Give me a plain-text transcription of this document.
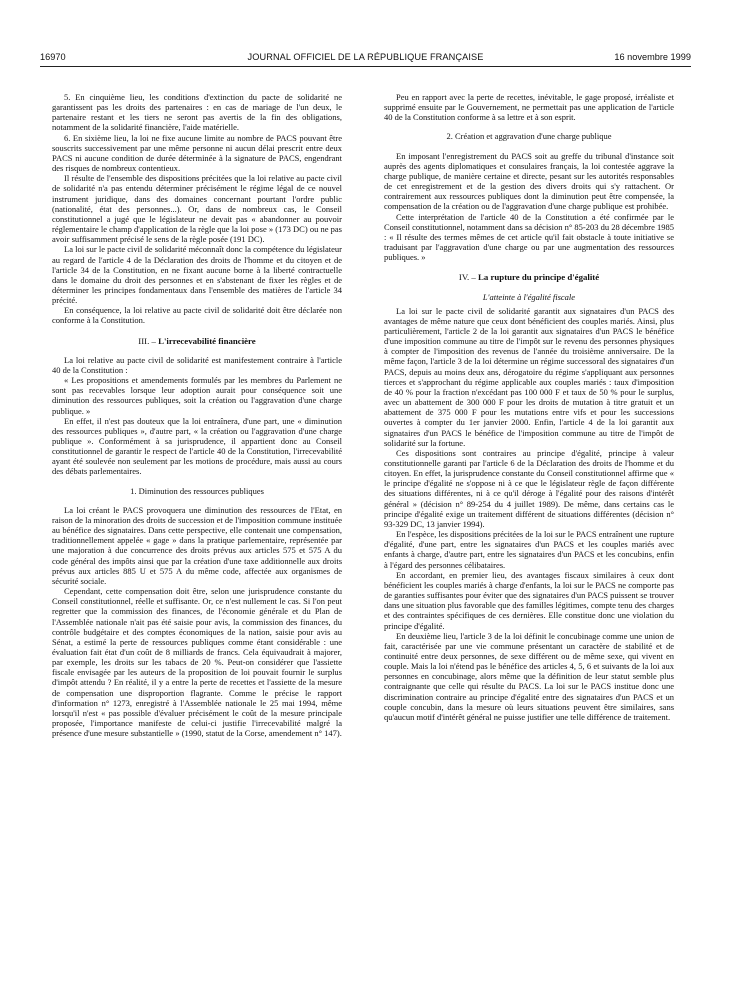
16970	JOURNAL OFFICIEL DE LA RÉPUBLIQUE FRANÇAISE	16 novembre 1999

5. En cinquième lieu, les conditions d'extinction du pacte de solidarité ne garantissent pas les droits des partenaires : en cas de mariage de l'un deux, le partenaire restant et les tiers ne seront pas avertis de la fin des obligations, notamment de la solidarité financière, l'aide matérielle.

6. En sixième lieu, la loi ne fixe aucune limite au nombre de PACS pouvant être souscrits successivement par une même personne ni aucun délai prescrit entre deux PACS ni aucune condition de durée déterminée à la signature de PACS, engendrant des risques de nombreux contentieux.

Il résulte de l'ensemble des dispositions précitées que la loi relative au pacte civil de solidarité n'a pas entendu déterminer précisément le régime légal de ce nouvel instrument juridique, dans des domaines concernant pourtant l'ordre public (nationalité, état des personnes...). Or, dans de nombreux cas, le Conseil constitutionnel a jugé que le législateur ne devait pas « abandonner au pouvoir réglementaire le champ d'application de la règle que la loi pose » (173 DC) ou ne pas avoir suffisamment précisé le sens de la règle posée (191 DC).

La loi sur le pacte civil de solidarité méconnaît donc la compétence du législateur au regard de l'article 4 de la Déclaration des droits de l'homme et du citoyen et de l'article 34 de la Constitution, en ne fixant aucune borne à la liberté contractuelle dans le domaine du droit des personnes et en s'abstenant de fixer les règles et de déterminer les principes fondamentaux dans l'ensemble des matières de l'article 34 précité.

En conséquence, la loi relative au pacte civil de solidarité doit être déclarée non conforme à la Constitution.

III. – L'irrecevabilité financière

La loi relative au pacte civil de solidarité est manifestement contraire à l'article 40 de la Constitution :

« Les propositions et amendements formulés par les membres du Parlement ne sont pas recevables lorsque leur adoption aurait pour conséquence soit une diminution des ressources publiques, soit la création ou l'aggravation d'une charge publique. »

En effet, il n'est pas douteux que la loi entraînera, d'une part, une « diminution des ressources publiques », d'autre part, « la création ou l'aggravation d'une charge publique ». Conformément à sa jurisprudence, il appartient donc au Conseil constitutionnel de garantir le respect de l'article 40 de la Constitution, l'irrecevabilité ayant été soulevée non seulement par les motions de procédure, mais aussi au cours des débats parlementaires.

1. Diminution des ressources publiques

La loi créant le PACS provoquera une diminution des ressources de l'Etat, en raison de la minoration des droits de succession et de l'imposition commune instituée au bénéfice des signataires. Dans cette perspective, elle contenait une compensation, traditionnellement appelée « gage » dans la pratique parlementaire, représentée par une majoration à due concurrence des droits prévus aux articles 575 et 575 A du code général des impôts ainsi que par la création d'une taxe additionnelle aux droits prévus aux articles 885 U et 575 A du même code, affectée aux organismes de sécurité sociale.

Cependant, cette compensation doit être, selon une jurisprudence constante du Conseil constitutionnel, réelle et suffisante. Or, ce n'est nullement le cas. Si l'on peut regretter que la commission des finances, de l'économie générale et du Plan de l'Assemblée nationale n'ait pas été saisie pour avis, la commission des finances, du contrôle budgétaire et des comptes économiques de la nation, saisie pour avis au Sénat, a estimé la perte de ressources publiques comme étant considérable : une évaluation fait état d'un coût de 8 milliards de francs. Cela équivaudrait à majorer, par exemple, les droits sur les tabacs de 20 %. Peut-on considérer que l'assiette fiscale envisagée par les auteurs de la proposition de loi pouvait fournir le surplus d'impôt attendu ? En réalité, il y a entre la perte de recettes et l'assiette de la mesure de compensation une disproportion flagrante. Comme le précise le rapport d'information n° 1273, enregistré à l'Assemblée nationale le 25 mai 1994, même lorsqu'il n'est « pas possible d'évaluer précisément le coût de la mesure principale proposée, l'importance manifeste de celui-ci justifie l'irrecevabilité malgré la présence d'une mesure substantielle » (1990, statut de la Corse, amendement n° 147).

Peu en rapport avec la perte de recettes, inévitable, le gage proposé, irréaliste et supprimé ensuite par le Gouvernement, ne permettait pas une application de l'article 40 de la Constitution conforme à sa lettre et à son esprit.

2. Création et aggravation d'une charge publique

En imposant l'enregistrement du PACS soit au greffe du tribunal d'instance soit auprès des agents diplomatiques et consulaires français, la loi contestée aggrave la charge publique, de manière certaine et directe, pesant sur les autorités responsables de cet enregistrement et de la gestion des divers droits qui s'y rattachent. Or contrairement aux ressources publiques dont la diminution peut être compensée, la compensation de la création ou de l'aggravation d'une charge publique est prohibée.

Cette interprétation de l'article 40 de la Constitution a été confirmée par le Conseil constitutionnel, notamment dans sa décision n° 85-203 du 28 décembre 1985 : « Il résulte des termes mêmes de cet article qu'il fait obstacle à toute initiative se traduisant par l'aggravation d'une charge ou par une augmentation des ressources publiques. »

IV. – La rupture du principe d'égalité
L'atteinte à l'égalité fiscale

La loi sur le pacte civil de solidarité garantit aux signataires d'un PACS des avantages de même nature que ceux dont bénéficient des couples mariés. Ainsi, plus particulièrement, l'article 2 de la loi garantit aux signataires d'un PACS le bénéfice d'une imposition commune au titre de l'impôt sur le revenu des personnes physiques à compter de l'imposition des revenus de l'année du troisième anniversaire. De la même façon, l'article 3 de la loi détermine un régime successoral des signataires d'un PACS, depuis au moins deux ans, dérogatoire du régime s'appliquant aux personnes tierces et s'approchant du régime applicable aux couples mariés : taux d'imposition de 40 % pour la fraction n'excédant pas 100 000 F et taux de 50 % pour le surplus, avec un abattement de 300 000 F pour les droits de mutation à titre gratuit et un abattement de 375 000 F pour les mutations entre vifs et pour les successions ouvertes à compter du 1er janvier 2000. Enfin, l'article 4 de la loi garantit aux signataires d'un PACS le bénéfice de l'imposition commune au titre de l'impôt de solidarité sur la fortune.

Ces dispositions sont contraires au principe d'égalité, principe à valeur constitutionnelle garanti par l'article 6 de la Déclaration des droits de l'homme et du citoyen. En effet, la jurisprudence constante du Conseil constitutionnel affirme que « le principe d'égalité ne s'oppose ni à ce que le législateur règle de façon différente des situations différentes, ni à ce qu'il déroge à l'égalité pour des raisons d'intérêt général » (décision n° 89-254 du 4 juillet 1989). De même, dans certains cas le principe d'égalité exige un traitement différent de situations différentes (décision n° 93-329 DC, 13 janvier 1994).

En l'espèce, les dispositions précitées de la loi sur le PACS entraînent une rupture d'égalité, d'une part, entre les signataires d'un PACS et les couples mariés avec enfants à charge, d'autre part, entre les signataires d'un PACS et les concubins, enfin à l'égard des personnes célibataires.

En accordant, en premier lieu, des avantages fiscaux similaires à ceux dont bénéficient les couples mariés à charge d'enfants, la loi sur le PACS ne comporte pas de garanties suffisantes pour éviter que des signataires d'un PACS puissent se trouver dans une situation plus favorable que des familles légitimes, compte tenu des charges et des contraintes spécifiques de ces dernières. Elle constitue donc une violation du principe d'égalité.

En deuxième lieu, l'article 3 de la loi définit le concubinage comme une union de fait, caractérisée par une vie commune présentant un caractère de stabilité et de continuité entre deux personnes, de sexe différent ou de même sexe, qui vivent en couple. Mais la loi n'étend pas le bénéfice des articles 4, 5, 6 et suivants de la loi aux personnes en concubinage, alors même que la définition de leur statut semble plus contraignante que celle qui résulte du PACS. La loi sur le PACS institue donc une discrimination contraire au principe d'égalité entre des signataires d'un PACS et un couple concubin, dans la mesure où leurs situations peuvent être similaires, sans qu'aucun motif d'intérêt général ne puisse justifier une telle différence de traitement.
